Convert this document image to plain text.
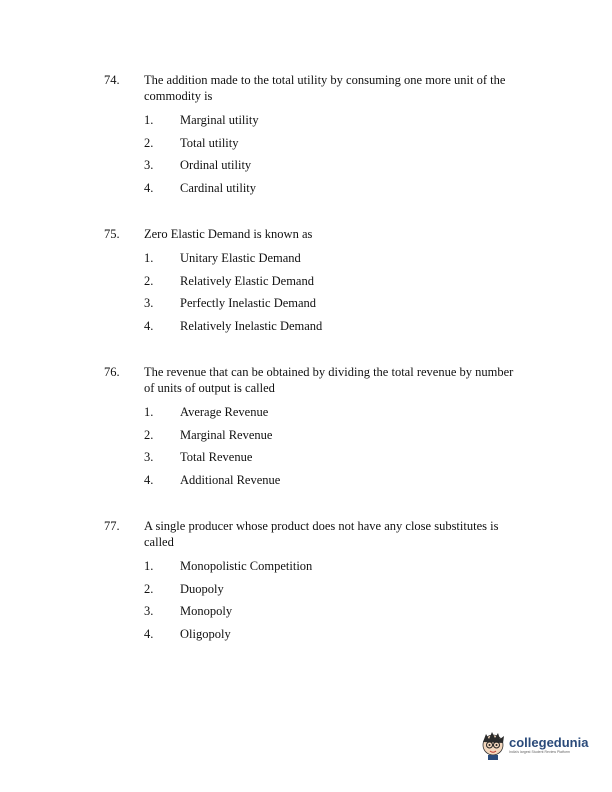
74.	The addition made to the total utility by consuming one more unit of the commodity is
1.	Marginal utility
2.	Total utility
3.	Ordinal utility
4.	Cardinal utility
75.	Zero Elastic Demand is known as
1.	Unitary Elastic Demand
2.	Relatively Elastic Demand
3.	Perfectly Inelastic Demand
4.	Relatively Inelastic Demand
76.	The revenue that can be obtained by dividing the total revenue by number of units of output is called
1.	Average Revenue
2.	Marginal Revenue
3.	Total Revenue
4.	Additional Revenue
77.	A single producer whose product does not have any close substitutes is called
1.	Monopolistic Competition
2.	Duopoly
3.	Monopoly
4.	Oligopoly
collegedunia
India's largest Student Review Platform
